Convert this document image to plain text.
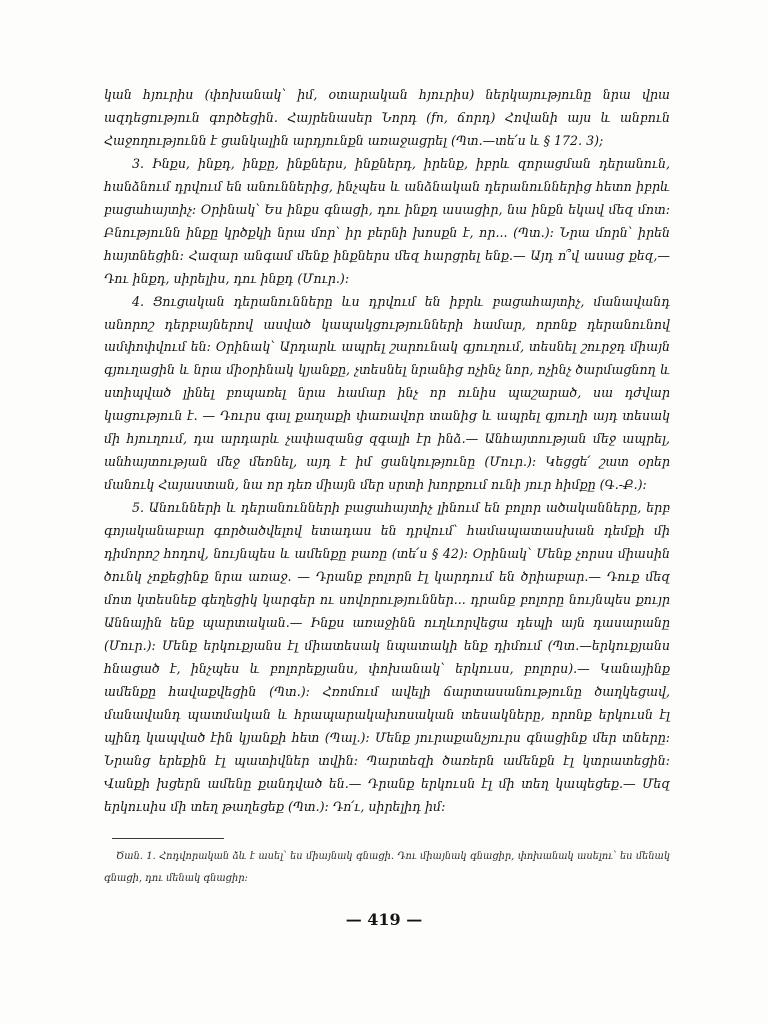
կան հյուրիս (փոխանակ՝ իմ, օտարական հյուրիս) ներկայությունը նրա վրա ազդեցություն գործեցին. Հայրենասեր Նորդ (fn, ճորդ) Հովանի այս և անբուն Հաջողությունն է ցանկալին արդյունքն առաջացրել (Պտ.—տե՛ս և § 172. 3);

3. Ինքս, ինքդ, ինքը, ինքներս, ինքներդ, իրենք, իբրև զորացման դերանուն, հանձնում դրվում են անուններից, ինչպես և անձնական դերանուններից հետո իբրև բացահայտիչ: Օրինակ՝ Ես ինքս գնացի, դու ինքդ ասացիր, նա ինքն եկավ մեզ մոտ: Բնությունն ինքը կրծքկի նրա մոր՝ իր բերնի խոսքն է, որ... (Պտ.): Նրա մորն՝ իրեն հայտնեցին: Հազար անգամ մենք ինքներս մեզ հարցրել ենք.— Այդ ո՞վ ասաց քեզ,— Դու ինքդ, սիրելիս, դու ինքդ (Մուր.):

4. Ցուցական դերանունները ևս դրվում են իբրև բացահայտիչ, մանավանդ անորոշ դերբայներով ասված կապակցությունների համար, որոնք դերանունով ամփոփվում են: Օրինակ՝ Արդարև ապրել շարունակ գյուղում, տեսնել շուրջդ միայն գյուղացին և նրա միօրինակ կյանքը, չտեսնել նրանից ոչինչ նոր, ոչինչ ծարմացնող և ստիպված լինել բոպառել նրա համար ինչ որ ունիս պաշարած, սա դժվար կացություն է. — Դուրս գալ քաղաքի փառավոր տանից և ապրել գյուղի այդ տեսակ մի հյուղում, դա արդարև չափազանց զգալի էր ինձ.— Անհայտության մեջ ապրել, անհայտության մեջ մեռնել, այդ է իմ ցանկությունը (Մուր.): Կեցցե՛ շատ օրեր մանուկ Հայաստան, նա որ դեռ միայն մեր սրտի խորքում ունի յուր հիմքը (Գ.-Ք.):

5. Անունների և դերանունների բացահայտիչ լինում են բոլոր ածականները, երբ գոյականաբար գործածվելով ետադաս են դրվում՝ համապատասխան դեմքի մի դիմորոշ հոդով, նույնպես և ամենքը բառը (տե՛ս § 42): Օրինակ՝ Մենք չորսս միասին ծունկ չոքեցինք նրա առաջ. — Դրանք բոլորն էլ կարդում են ծրիաբար.— Դուք մեզ մոտ կտեսնեք գեղեցիկ կարգեր ու սովորություններ... դրանք բոլորը նույնպես քույր Աննային ենք պարտական.— Ինքս առաջինն ուղևորվեցա դեպի այն դասարանը (Մուր.): Մենք երկուքյանս էլ միատեսակ նպատակի ենք դիմում (Պտ.—երկուքյանս հնացած է, ինչպես և բոլորեքյանս, փոխանակ՝ երկուսս, բոլորս).— Կանայինք ամենքը հավաքվեցին (Պտ.): Հռոմում ավելի ճարտասանությունը ծաղկեցավ, մանավանդ պատմական և հրապարակախոսական տեսակները, որոնք երկուսն էլ պինդ կապված էին կյանքի հետ (Պալ.): Մենք յուրաքանչյուրս գնացինք մեր տները: Նրանց երեքին էլ պատիվներ տվին: Պարտեզի ծառերն ամենքն էլ կտրատեցին: Վանքի խցերն ամենը քանդված են.— Դրանք երկուսն էլ մի տեղ կապեցեք.— Մեզ երկուսիս մի տեղ թաղեցեք (Պտ.): Դո՛ւ, սիրելիդ իմ:

Ծան. 1. Հոդվորական ձև է ասել՝ ես միայնակ գնացի. Դու միայնակ գնացիր, փոխանակ ասելու՝ ես մենակ գնացի, դու մենակ գնացիր:

— 419 —
